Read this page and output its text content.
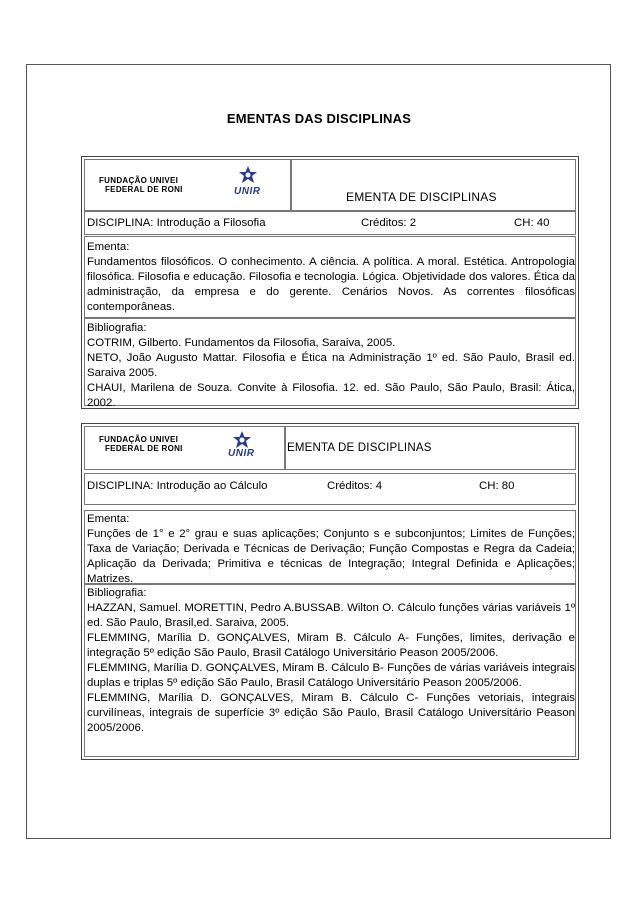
EMENTAS DAS DISCIPLINAS
FUNDAÇÃO UNIVEI
FEDERAL DE RONI	UNIR	EMENTA DE DISCIPLINAS
DISCIPLINA: Introdução a Filosofia	Créditos: 2	CH: 40
Ementa:
Fundamentos filosóficos. O conhecimento. A ciência. A política. A moral. Estética. Antropologia filosófica. Filosofia e educação. Filosofia e tecnologia. Lógica. Objetividade dos valores. Ética da administração, da empresa e do gerente. Cenários Novos. As correntes filosóficas contemporâneas.
Bibliografia:
COTRIM, Gilberto. Fundamentos da Filosofia, Saraiva, 2005.
NETO, João Augusto Mattar. Filosofia e Ética na Administração 1º ed. São Paulo, Brasil ed. Saraiva 2005.
CHAUI, Marilena de Souza. Convite à Filosofia. 12. ed. São Paulo, São Paulo, Brasil: Ática, 2002.
FUNDAÇÃO UNIVEI
FEDERAL DE RONI	UNIR	EMENTA DE DISCIPLINAS
DISCIPLINA: Introdução ao Cálculo	Créditos: 4	CH: 80
Ementa:
Funções de 1° e 2° grau e suas aplicações; Conjunto s e subconjuntos; Limites de Funções; Taxa de Variação; Derivada e Técnicas de Derivação; Função Compostas e Regra da Cadeia; Aplicação da Derivada; Primitiva e técnicas de Integração; Integral Definida e Aplicações; Matrizes.
Bibliografia:
HAZZAN, Samuel. MORETTIN, Pedro A.BUSSAB. Wilton O. Cálculo funções várias variáveis 1º ed. São Paulo, Brasil,ed. Saraiva, 2005.
FLEMMING, Marília D. GONÇALVES, Miram B. Cálculo A- Funções, limites, derivação e integração 5º edição São Paulo, Brasil Catálogo Universitário Peason 2005/2006.
FLEMMING, Marília D. GONÇALVES, Miram B. Cálculo B- Funções de várias variáveis integrais duplas e triplas 5º edição São Paulo, Brasil Catálogo Universitário Peason 2005/2006.
FLEMMING, Marília D. GONÇALVES, Miram B. Cálculo C- Funções vetoriais, integrais curvilíneas, integrais de superfície 3º edição São Paulo, Brasil Catálogo Universitário Peason 2005/2006.
